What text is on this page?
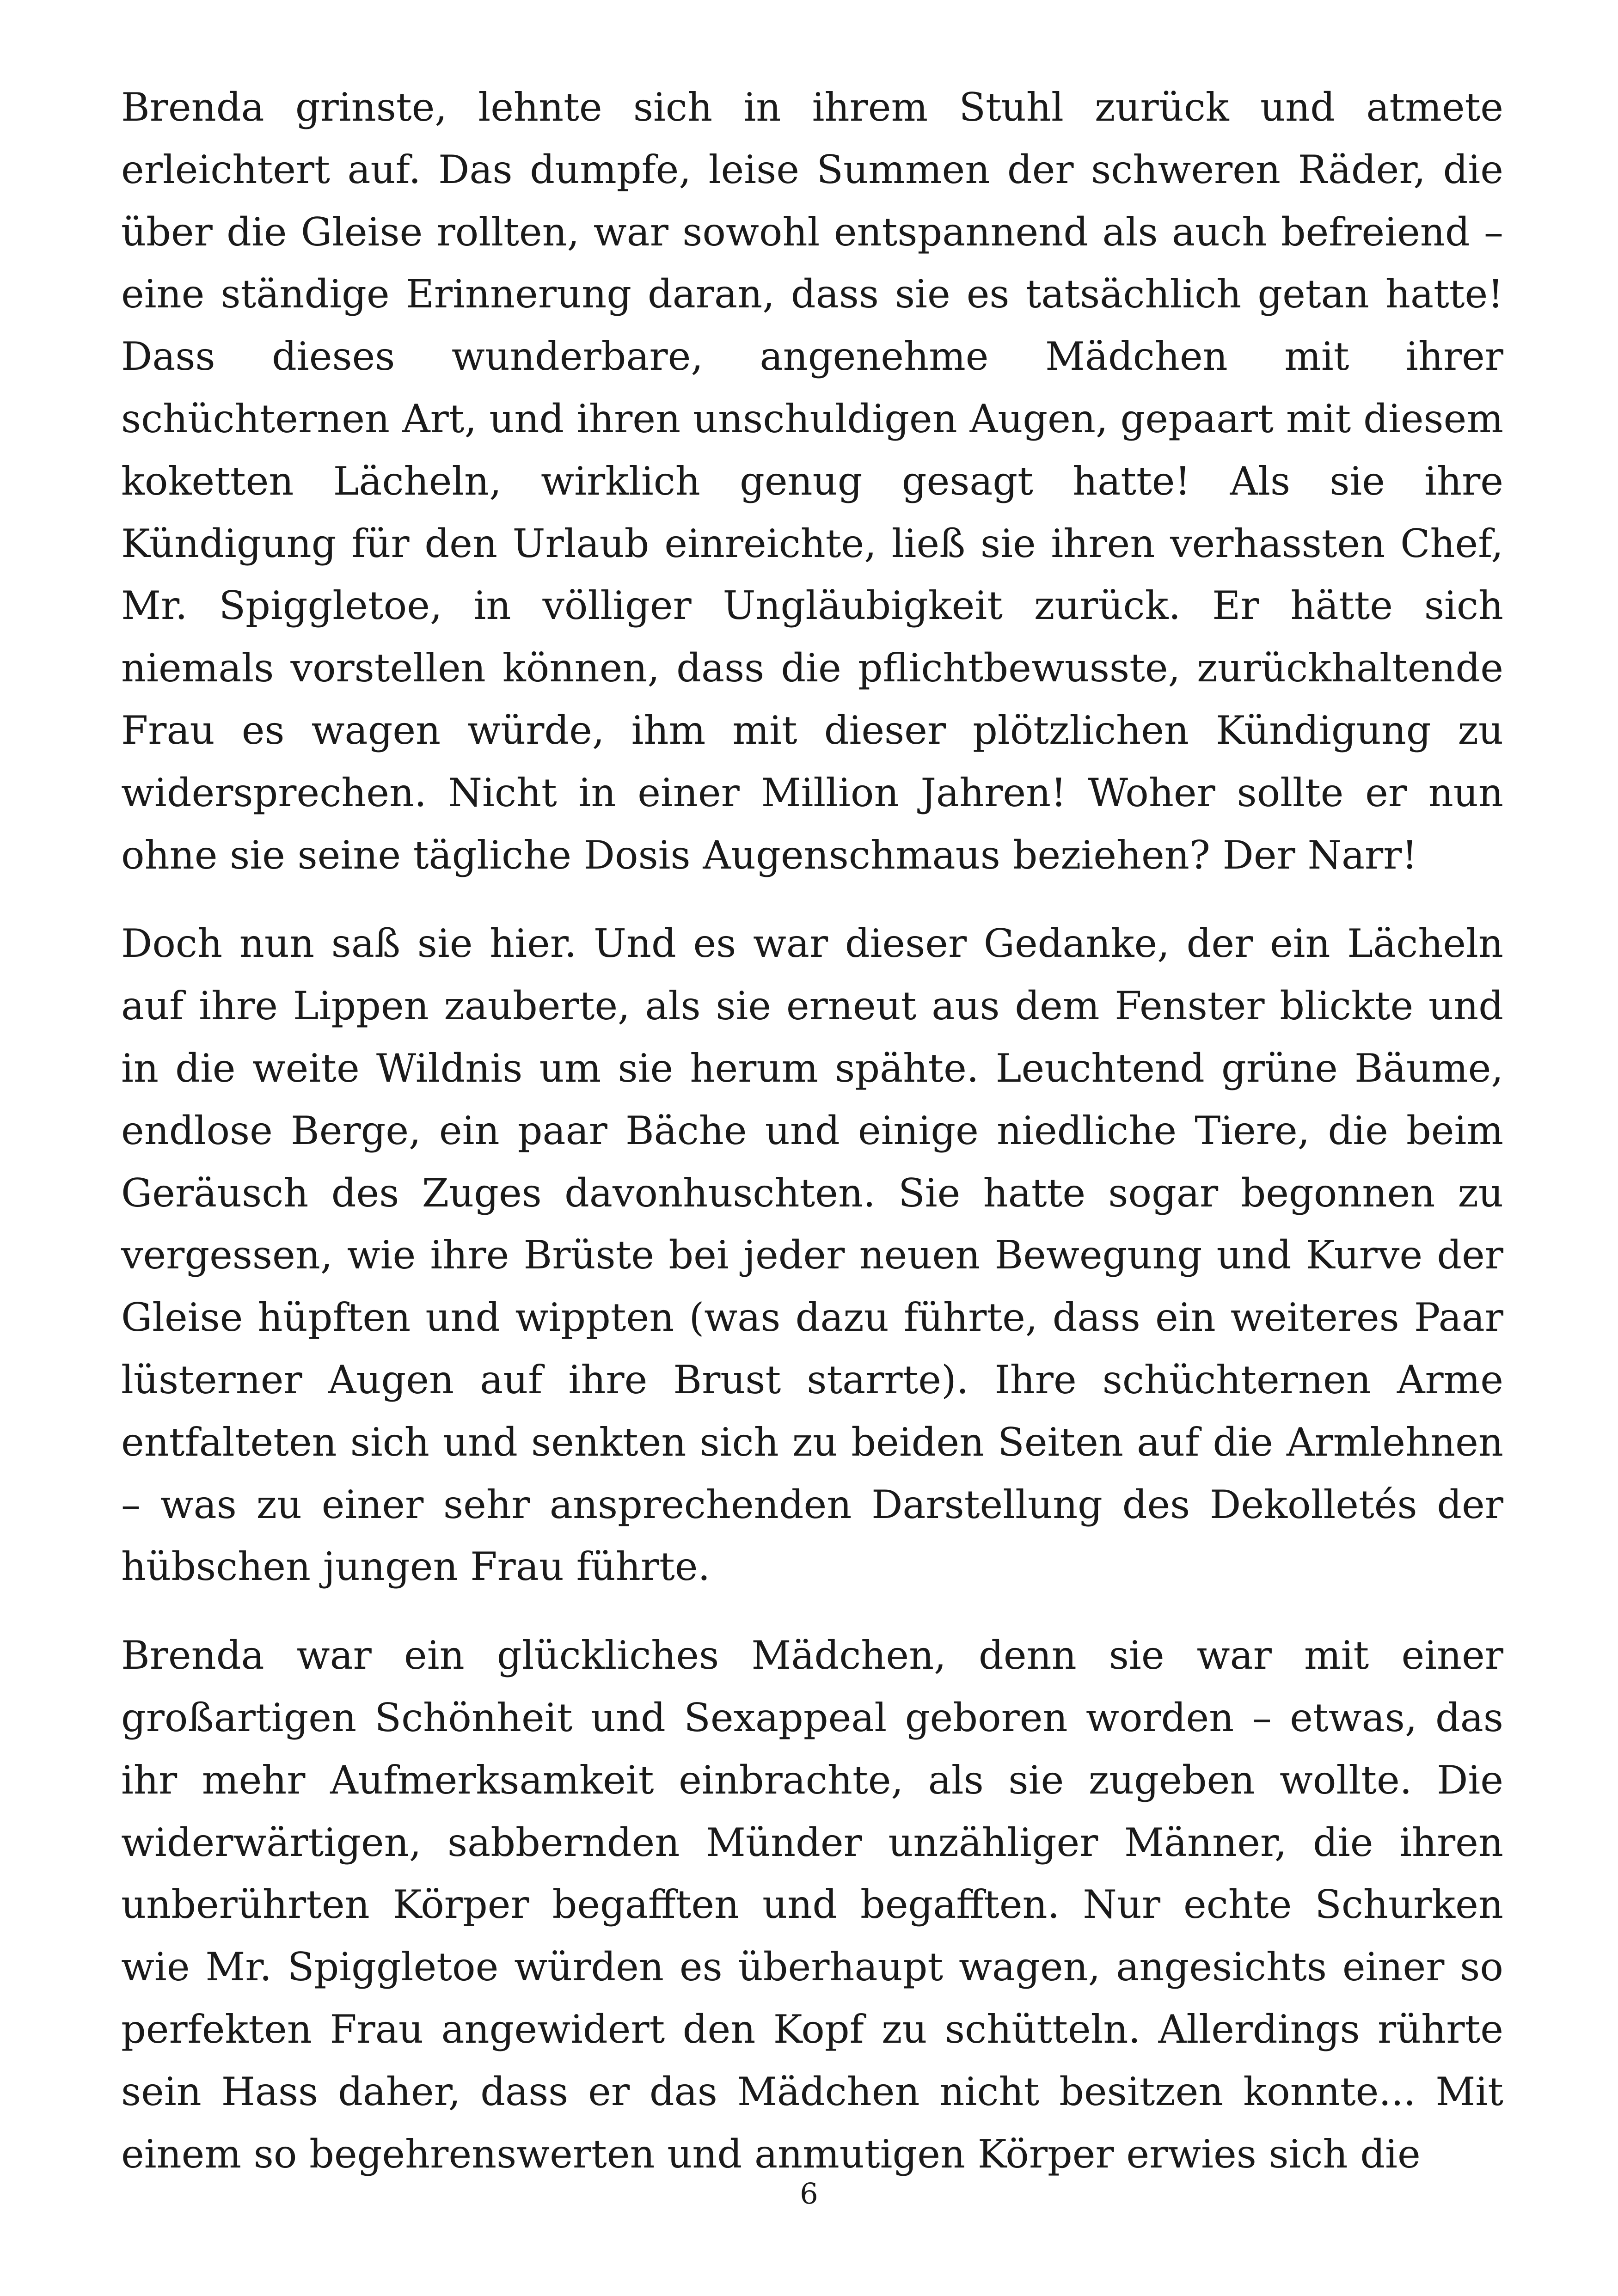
Brenda grinste, lehnte sich in ihrem Stuhl zurück und atmete erleichtert auf. Das dumpfe, leise Summen der schweren Räder, die über die Gleise rollten, war sowohl entspannend als auch befreiend – eine ständige Erinnerung daran, dass sie es tatsächlich getan hatte! Dass dieses wunderbare, angenehme Mädchen mit ihrer schüchternen Art, und ihren unschuldigen Augen, gepaart mit diesem koketten Lächeln, wirklich genug gesagt hatte! Als sie ihre Kündigung für den Urlaub einreichte, ließ sie ihren verhassten Chef, Mr. Spiggletoe, in völliger Ungläubigkeit zurück. Er hätte sich niemals vorstellen können, dass die pflichtbewusste, zurückhaltende Frau es wagen würde, ihm mit dieser plötzlichen Kündigung zu widersprechen. Nicht in einer Million Jahren! Woher sollte er nun ohne sie seine tägliche Dosis Augenschmaus beziehen? Der Narr!

Doch nun saß sie hier. Und es war dieser Gedanke, der ein Lächeln auf ihre Lippen zauberte, als sie erneut aus dem Fenster blickte und in die weite Wildnis um sie herum spähte. Leuchtend grüne Bäume, endlose Berge, ein paar Bäche und einige niedliche Tiere, die beim Geräusch des Zuges davonhuschten. Sie hatte sogar begonnen zu vergessen, wie ihre Brüste bei jeder neuen Bewegung und Kurve der Gleise hüpften und wippten (was dazu führte, dass ein weiteres Paar lüsterner Augen auf ihre Brust starrte). Ihre schüchternen Arme entfalteten sich und senkten sich zu beiden Seiten auf die Armlehnen – was zu einer sehr ansprechenden Darstellung des Dekolletés der hübschen jungen Frau führte.

Brenda war ein glückliches Mädchen, denn sie war mit einer großartigen Schönheit und Sexappeal geboren worden – etwas, das ihr mehr Aufmerksamkeit einbrachte, als sie zugeben wollte. Die widerwärtigen, sabbernden Münder unzähliger Männer, die ihren unberührten Körper begafften und begafften. Nur echte Schurken wie Mr. Spiggletoe würden es überhaupt wagen, angesichts einer so perfekten Frau angewidert den Kopf zu schütteln. Allerdings rührte sein Hass daher, dass er das Mädchen nicht besitzen konnte... Mit einem so begehrenswerten und anmutigen Körper erwies sich die

6
